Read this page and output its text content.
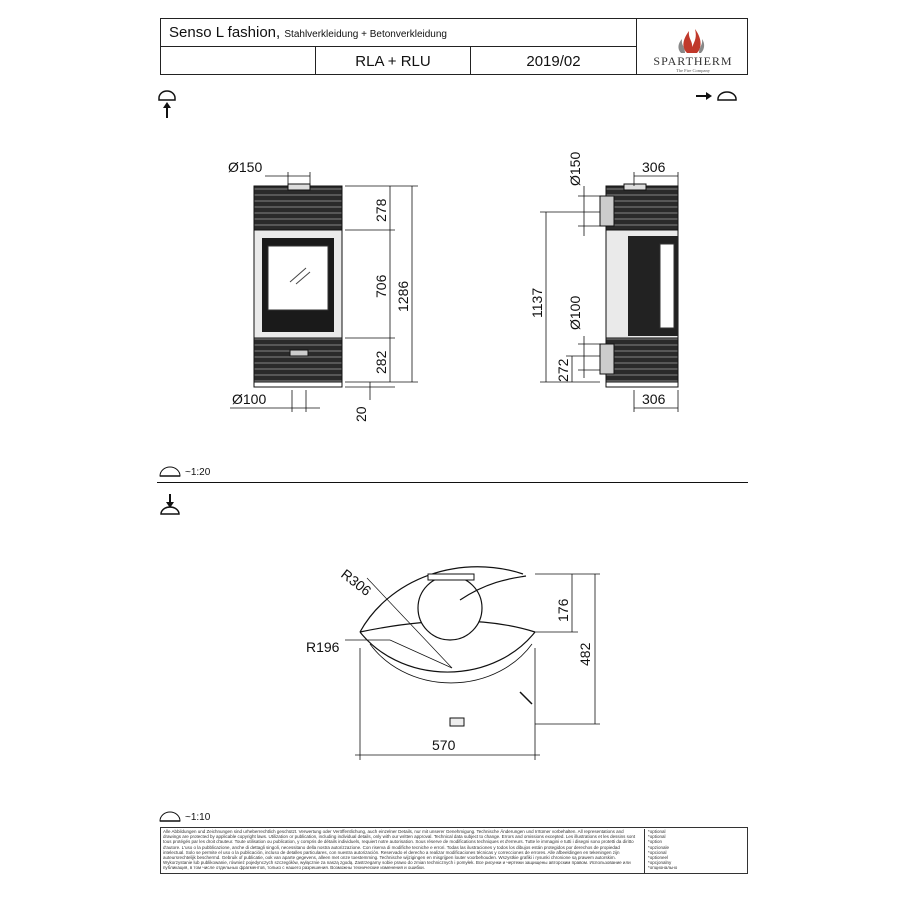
Senso L fashion, Stahlverkleidung + Betonverkleidung
RLA + RLU	2019/02	SPARTHERM
The Fire Company
Ø150
Ø100
278
706 1286
282
20
306
306
Ø150
1137 Ø100
272
~1:20
R306
R196
176
482
570
~1:10
Alle Abbildungen und Zeichnungen sind urheberrechtlich geschützt. Verwertung oder Veröffentlichung, auch einzelner Details, nur mit unserer Genehmigung. Technische Änderungen und Irrtümer vorbehalten. All representations and drawings are protected by applicable copyright laws. Utilization or publication, including individual details, only with our written approval. Technical data subject to change. Errors and omissions excepted. Les illustrations et les dessins sont tous protégés par les droit d'auteur. Toute utilisation ou publication, y compris de détails individuels, requiert notre autorisation. Sous réserve de modifications techniques et d'erreurs. Tutte le immagini e tutti i disegni sono protetti da diritto d'autore. L'uso o la pubblicazione, anche di dettagli singoli, necessitano della nostra autorizzazione. Con riserva di modifiche tecniche e errori. Todas las ilustraciones y todos los dibujos están protegidos por derechos de propiedad intelectual. Solo se permite el uso o la publicación, incluso de detalles particulares, con nuestra autorización. Reservado el derecho a realizar modificaciones técnicas y correcciones de errores. Alle afbeeldingen en tekeningen zijn auteursrechtelijk beschermd. Gebruik of publicatie, ook van aparte gegevens, alleen met onze toestemming. Technische wijzigingen en misgrijpen louter voorbehouden. Wszystkie grafiki i rysunki chronione są prawem autorskim. Wykorzystanie lub publikowanie, również pojedynczych szczegółów, wyłącznie za naszą zgodą. Zastrzegamy sobie prawo do zmian technicznych i pomyłek. Все рисунки и чертежи защищены авторским правом. Использование или публикация, в том числе отдельных фрагментов, только с нашего разрешения. Возможны технические изменения и ошибки.
*optional
*optional
*option
*opzionale
*opcional
*optioneel
*opcjonalny
*опционально
